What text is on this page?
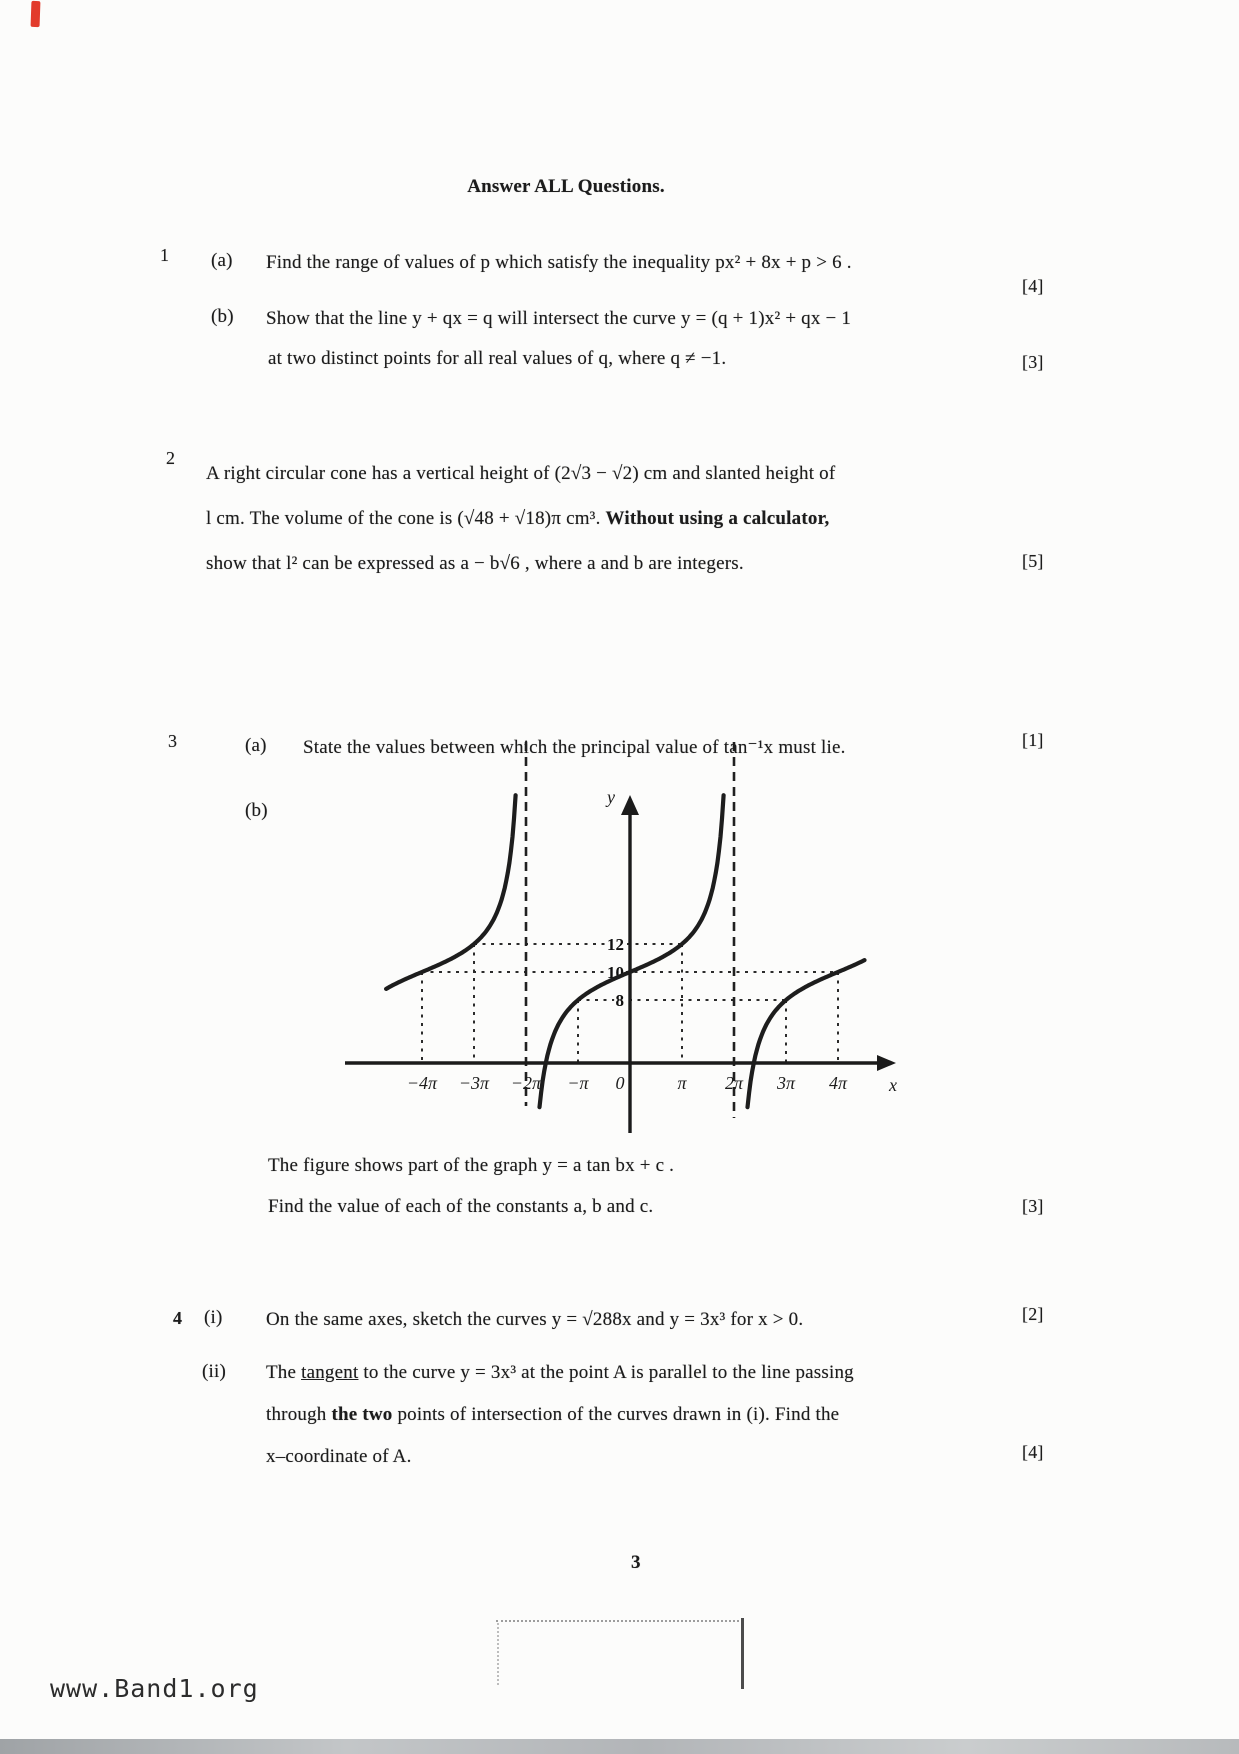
Answer ALL Questions.
1 (a) Find the range of values of p which satisfy the inequality px² + 8x + p > 6 .
[4]
(b) Show that the line y + qx = q will intersect the curve y = (q + 1)x² + qx − 1
at two distinct points for all real values of q, where q ≠ −1.	[3]
2
A right circular cone has a vertical height of (2√3 − √2) cm and slanted height of
l cm. The volume of the cone is (√48 + √18)π cm³. Without using a calculator,
show that l² can be expressed as a − b√6 , where a and b are integers.	[5]
3	(a) State the values between which the principal value of tan⁻¹x must lie.	[1]
(b)
x
y
−4π −3π −2π −π 0	π 2π 3π 4π
12
10
8
The figure shows part of the graph y = a tan bx + c .
Find the value of each of the constants a, b and c.	[3]
4 (i) On the same axes, sketch the curves y = √288x and y = 3x³ for x > 0.	[2]
(ii) The tangent to the curve y = 3x³ at the point A is parallel to the line passing
through the two points of intersection of the curves drawn in (i). Find the
x–coordinate of A.	[4]
3
www.Band1.org
